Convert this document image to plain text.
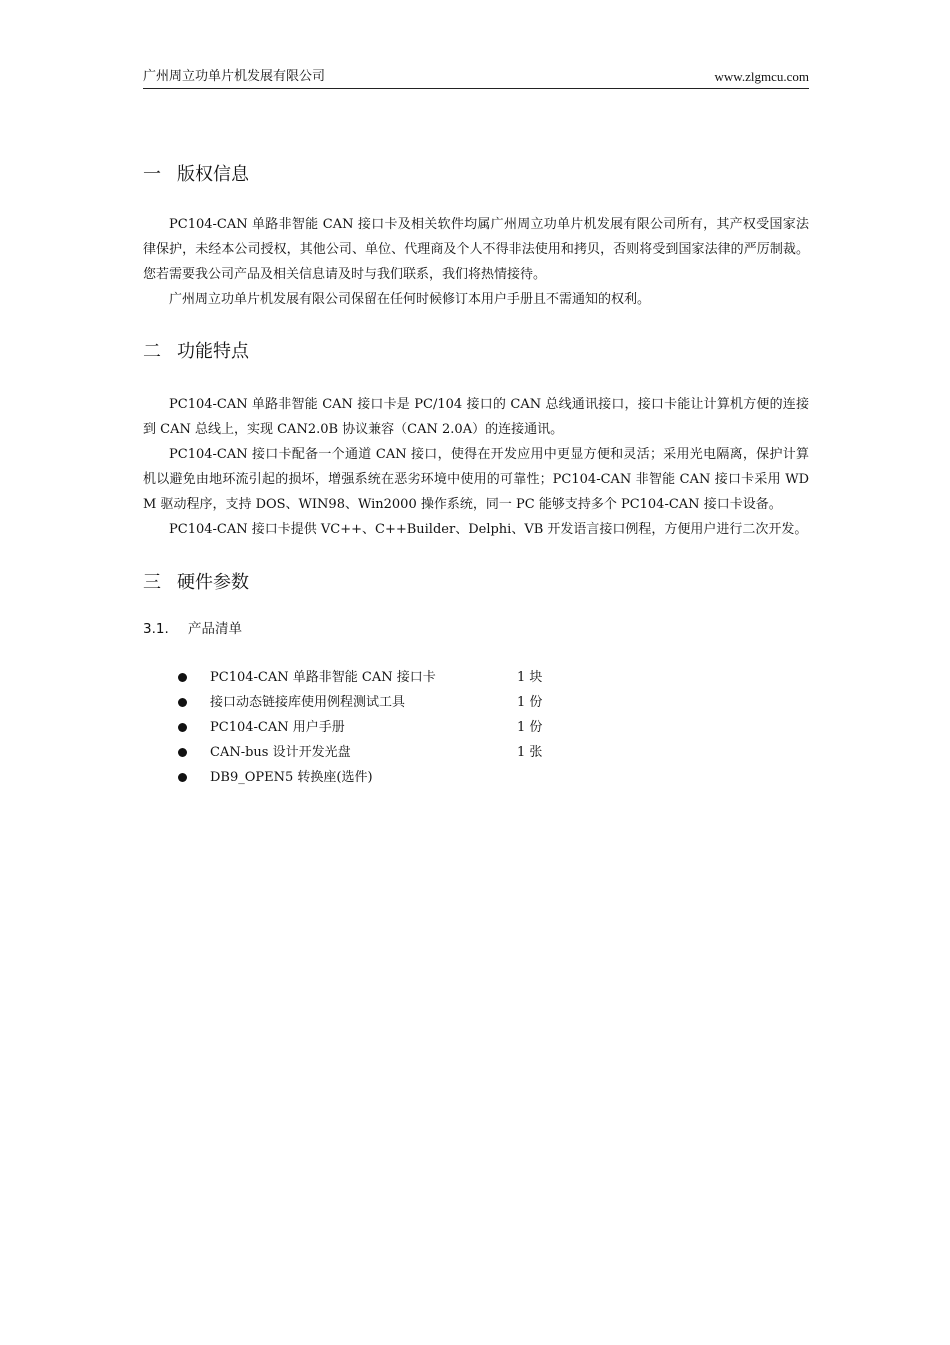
广州周立功单片机发展有限公司	www.zlgmcu.com
一 版权信息

PC104-CAN 单路非智能 CAN 接口卡及相关软件均属广州周立功单片机发展有限公司所有，其产权受国家法律保护，未经本公司授权，其他公司、单位、代理商及个人不得非法使用和拷贝，否则将受到国家法律的严厉制裁。您若需要我公司产品及相关信息请及时与我们联系，我们将热情接待。

广州周立功单片机发展有限公司保留在任何时候修订本用户手册且不需通知的权利。

二 功能特点

PC104-CAN 单路非智能 CAN 接口卡是 PC/104 接口的 CAN 总线通讯接口，接口卡能让计算机方便的连接到 CAN 总线上，实现 CAN2.0B 协议兼容（CAN 2.0A）的连接通讯。

PC104-CAN 接口卡配备一个通道 CAN 接口，使得在开发应用中更显方便和灵活；采用光电隔离，保护计算机以避免由地环流引起的损坏，增强系统在恶劣环境中使用的可靠性；PC104-CAN 非智能 CAN 接口卡采用 WDM 驱动程序，支持 DOS、WIN98、Win2000 操作系统，同一 PC 能够支持多个 PC104-CAN 接口卡设备。

PC104-CAN 接口卡提供 VC++、C++Builder、Delphi、VB 开发语言接口例程，方便用户进行二次开发。

三 硬件参数
3.1. 产品清单
PC104-CAN 单路非智能 CAN 接口卡	1 块
接口动态链接库使用例程测试工具	1 份
PC104-CAN 用户手册	1 份
CAN-bus 设计开发光盘	1 张
DB9_OPEN5 转换座(选件)
